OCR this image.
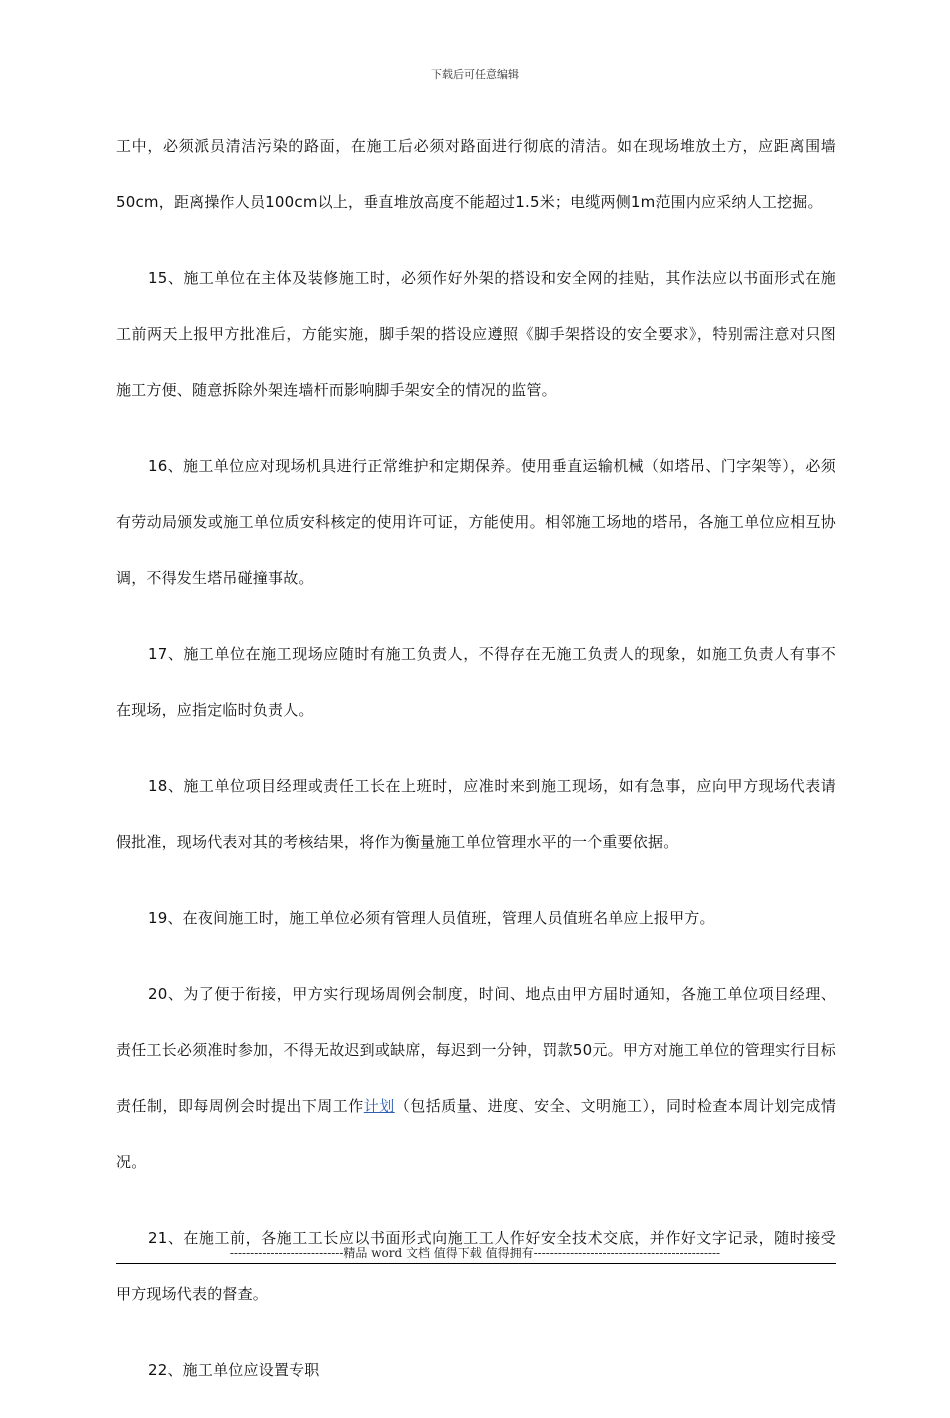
下载后可任意编辑

工中，必须派员清洁污染的路面，在施工后必须对路面进行彻底的清洁。如在现场堆放土方，应距离围墙50cm，距离操作人员100cm以上，垂直堆放高度不能超过1.5米；电缆两侧1m范围内应采纳人工挖掘。

15、施工单位在主体及装修施工时，必须作好外架的搭设和安全网的挂贴，其作法应以书面形式在施工前两天上报甲方批准后，方能实施，脚手架的搭设应遵照《脚手架搭设的安全要求》，特别需注意对只图施工方便、随意拆除外架连墙杆而影响脚手架安全的情况的监管。

16、施工单位应对现场机具进行正常维护和定期保养。使用垂直运输机械（如塔吊、门字架等），必须有劳动局颁发或施工单位质安科核定的使用许可证，方能使用。相邻施工场地的塔吊，各施工单位应相互协调，不得发生塔吊碰撞事故。

17、施工单位在施工现场应随时有施工负责人，不得存在无施工负责人的现象，如施工负责人有事不在现场，应指定临时负责人。

18、施工单位项目经理或责任工长在上班时，应准时来到施工现场，如有急事，应向甲方现场代表请假批准，现场代表对其的考核结果，将作为衡量施工单位管理水平的一个重要依据。

19、在夜间施工时，施工单位必须有管理人员值班，管理人员值班名单应上报甲方。

20、为了便于衔接，甲方实行现场周例会制度，时间、地点由甲方届时通知，各施工单位项目经理、责任工长必须准时参加，不得无故迟到或缺席，每迟到一分钟，罚款50元。甲方对施工单位的管理实行目标责任制，即每周例会时提出下周工作计划（包括质量、进度、安全、文明施工），同时检查本周计划完成情况。

21、在施工前，各施工工长应以书面形式向施工工人作好安全技术交底，并作好文字记录，随时接受甲方现场代表的督查。

22、施工单位应设置专职

----------------------------精品 word 文档 值得下载 值得拥有----------------------------------------------
